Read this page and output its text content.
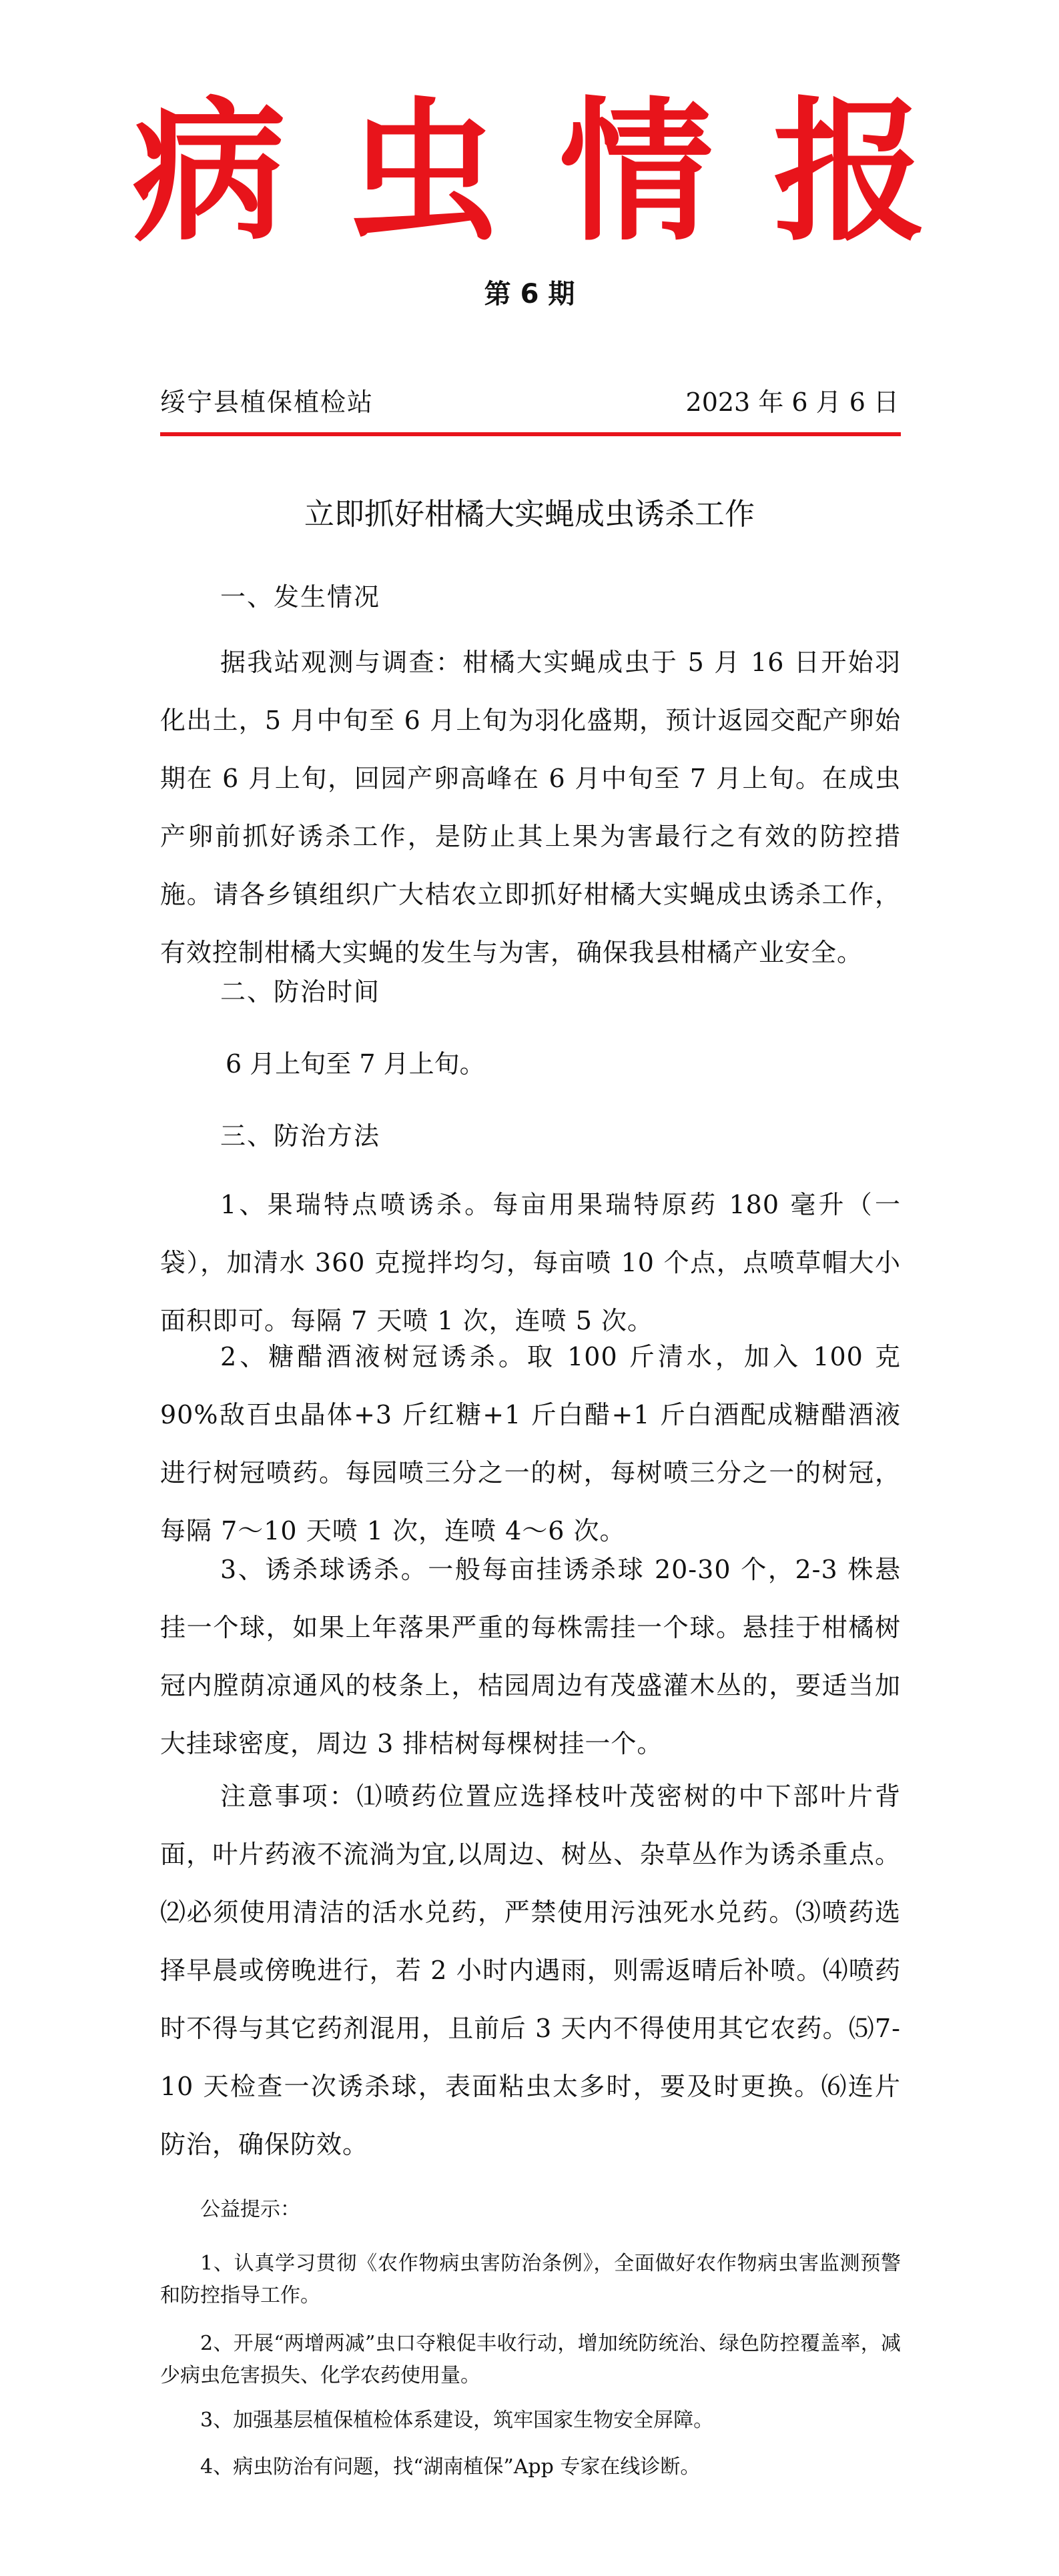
病虫情报
第 6 期
绥宁县植保植检站	2023 年 6 月 6 日
立即抓好柑橘大实蝇成虫诱杀工作
一、发生情况
据我站观测与调查：柑橘大实蝇成虫于 5 月 16 日开始羽化出土，5 月中旬至 6 月上旬为羽化盛期，预计返园交配产卵始期在 6 月上旬，回园产卵高峰在 6 月中旬至 7 月上旬。在成虫产卵前抓好诱杀工作，是防止其上果为害最行之有效的防控措施。请各乡镇组织广大桔农立即抓好柑橘大实蝇成虫诱杀工作，有效控制柑橘大实蝇的发生与为害，确保我县柑橘产业安全。
二、防治时间
6 月上旬至 7 月上旬。
三、防治方法
1、果瑞特点喷诱杀。每亩用果瑞特原药 180 毫升（一袋），加清水 360 克搅拌均匀，每亩喷 10 个点，点喷草帽大小面积即可。每隔 7 天喷 1 次，连喷 5 次。
2、糖醋酒液树冠诱杀。取 100 斤清水，加入 100 克 90%敌百虫晶体+3 斤红糖+1 斤白醋+1 斤白酒配成糖醋酒液进行树冠喷药。每园喷三分之一的树，每树喷三分之一的树冠，每隔 7～10 天喷 1 次，连喷 4～6 次。
3、诱杀球诱杀。一般每亩挂诱杀球 20-30 个，2-3 株悬挂一个球，如果上年落果严重的每株需挂一个球。悬挂于柑橘树冠内膛荫凉通风的枝条上，桔园周边有茂盛灌木丛的，要适当加大挂球密度，周边 3 排桔树每棵树挂一个。
注意事项：⑴喷药位置应选择枝叶茂密树的中下部叶片背面，叶片药液不流淌为宜,以周边、树丛、杂草丛作为诱杀重点。⑵必须使用清洁的活水兑药，严禁使用污浊死水兑药。⑶喷药选择早晨或傍晚进行，若 2 小时内遇雨，则需返晴后补喷。⑷喷药时不得与其它药剂混用，且前后 3 天内不得使用其它农药。⑸7-10 天检查一次诱杀球，表面粘虫太多时，要及时更换。⑹连片防治，确保防效。
公益提示：
1、认真学习贯彻《农作物病虫害防治条例》，全面做好农作物病虫害监测预警和防控指导工作。
2、开展“两增两减”虫口夺粮促丰收行动，增加统防统治、绿色防控覆盖率，减少病虫危害损失、化学农药使用量。
3、加强基层植保植检体系建设，筑牢国家生物安全屏障。
4、病虫防治有问题，找“湖南植保”App 专家在线诊断。
